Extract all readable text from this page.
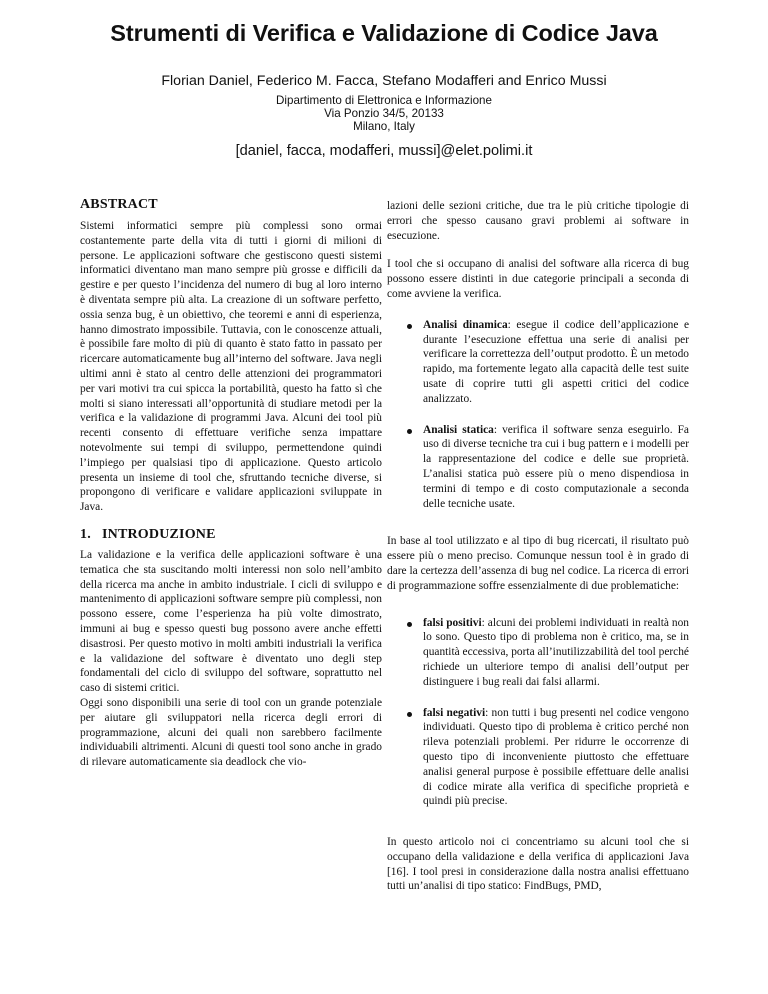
Strumenti di Verifica e Validazione di Codice Java
Florian Daniel, Federico M. Facca, Stefano Modafferi and Enrico Mussi
Dipartimento di Elettronica e Informazione
Via Ponzio 34/5, 20133
Milano, Italy
[daniel, facca, modafferi, mussi]@elet.polimi.it
ABSTRACT

Sistemi informatici sempre più complessi sono ormai costantemente parte della vita di tutti i giorni di milioni di persone. Le applicazioni software che gestiscono questi sistemi informatici diventano man mano sempre più grosse e difficili da gestire e per questo l’incidenza del numero di bug al loro interno è diventata sempre più alta. La creazione di un software perfetto, ossia senza bug, è un obiettivo, che teoremi e anni di esperienza, hanno dimostrato impossibile. Tuttavia, con le conoscenze attuali, è possibile fare molto di più di quanto è stato fatto in passato per ricercare automaticamente bug all’interno del software. Java negli ultimi anni è stato al centro delle attenzioni dei programmatori per vari motivi tra cui spicca la portabilità, questo ha fatto sì che molti si siano interessati all’opportunità di studiare metodi per la verifica e la validazione di programmi Java. Alcuni dei tool più recenti consento di effettuare verifiche senza impattare notevolmente sui tempi di sviluppo, permettendone quindi l’impiego per qualsiasi tipo di applicazione. Questo articolo presenta un insieme di tool che, sfruttando tecniche diverse, si propongono di verificare e validare applicazioni sviluppate in Java.

1.   INTRODUZIONE

La validazione e la verifica delle applicazioni software è una tematica che sta suscitando molti interessi non solo nell’ambito della ricerca ma anche in ambito industriale. I cicli di sviluppo e mantenimento di applicazioni software sempre più complessi, non possono essere, come l’esperienza ha più volte dimostrato, immuni ai bug e spesso questi bug possono avere anche effetti disastrosi. Per questo motivo in molti ambiti industriali la verifica e la validazione del software è diventato uno degli step fondamentali del ciclo di sviluppo del software, soprattutto nel caso di sistemi critici.

Oggi sono disponibili una serie di tool con un grande potenziale per aiutare gli sviluppatori nella ricerca degli errori di programmazione, alcuni dei quali non sarebbero facilmente individuabili altrimenti. Alcuni di questi tool sono anche in grado di rilevare automaticamente sia deadlock che vio-

lazioni delle sezioni critiche, due tra le più critiche tipologie di errori che spesso causano gravi problemi ai software in esecuzione.

I tool che si occupano di analisi del software alla ricerca di bug possono essere distinti in due categorie principali a seconda di come avviene la verifica.

Analisi dinamica: esegue il codice dell’applicazione e durante l’esecuzione effettua una serie di analisi per verificare la correttezza dell’output prodotto. È un metodo rapido, ma fortemente legato alla capacità delle test suite usate di coprire tutti gli aspetti critici del codice analizzato.
Analisi statica: verifica il software senza eseguirlo. Fa uso di diverse tecniche tra cui i bug pattern e i modelli per la rappresentazione del codice e delle sue proprietà. L’analisi statica può essere più o meno dispendiosa in termini di tempo e di costo computazionale a seconda delle tecniche usate.

In base al tool utilizzato e al tipo di bug ricercati, il risultato può essere più o meno preciso. Comunque nessun tool è in grado di dare la certezza dell’assenza di bug nel codice. La ricerca di errori di programmazione soffre essenzialmente di due problematiche:

falsi positivi: alcuni dei problemi individuati in realtà non lo sono. Questo tipo di problema non è critico, ma, se in quantità eccessiva, porta all’inutilizzabilità del tool perché richiede un ulteriore tempo di analisi dell’output per distinguere i bug reali dai falsi allarmi.
falsi negativi: non tutti i bug presenti nel codice vengono individuati. Questo tipo di problema è critico perché non rileva potenziali problemi. Per ridurre le occorrenze di questo tipo di inconveniente piuttosto che effettuare analisi general purpose è possibile effettuare delle analisi di codice mirate alla verifica di specifiche proprietà e quindi più precise.

In questo articolo noi ci concentriamo su alcuni tool che si occupano della validazione e della verifica di applicazioni Java [16]. I tool presi in considerazione dalla nostra analisi effettuano tutti un’analisi di tipo statico: FindBugs, PMD,
